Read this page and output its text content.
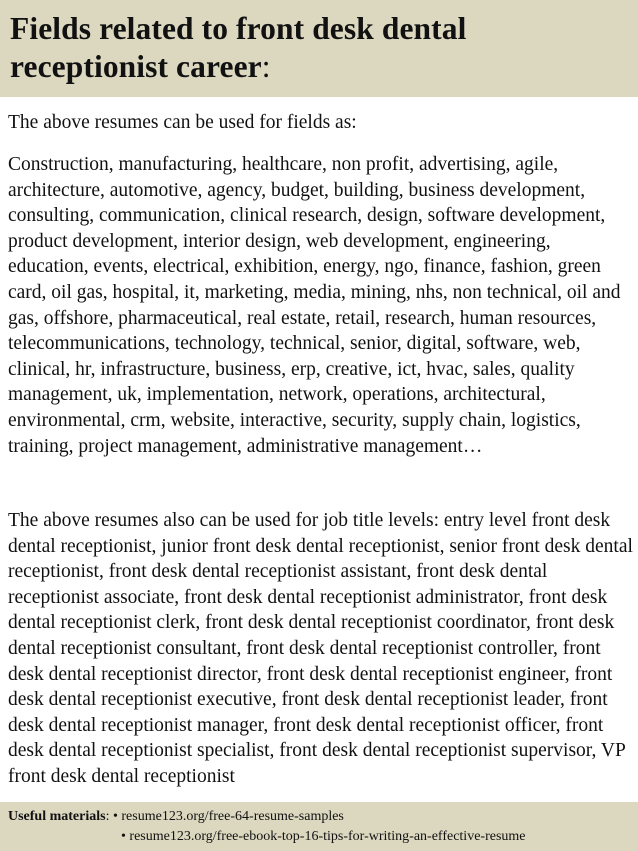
Fields related to front desk dental
receptionist career:

The above resumes can be used for fields as:

Construction, manufacturing, healthcare, non profit, advertising, agile, architecture, automotive, agency, budget, building, business development, consulting, communication, clinical research, design, software development, product development, interior design, web development, engineering, education, events, electrical, exhibition, energy, ngo, finance, fashion, green card, oil gas, hospital, it, marketing, media, mining, nhs, non technical, oil and gas, offshore, pharmaceutical, real estate, retail, research, human resources, telecommunications, technology, technical, senior, digital, software, web, clinical, hr, infrastructure, business, erp, creative, ict, hvac, sales, quality management, uk, implementation, network, operations, architectural, environmental, crm, website, interactive, security, supply chain, logistics, training, project management, administrative management…

The above resumes also can be used for job title levels: entry level front desk dental receptionist, junior front desk dental receptionist, senior front desk dental receptionist, front desk dental receptionist assistant, front desk dental receptionist associate, front desk dental receptionist administrator, front desk dental receptionist clerk, front desk dental receptionist coordinator, front desk dental receptionist consultant, front desk dental receptionist controller, front desk dental receptionist director, front desk dental receptionist engineer, front desk dental receptionist executive, front desk dental receptionist leader, front desk dental receptionist manager, front desk dental receptionist officer, front desk dental receptionist specialist, front desk dental receptionist supervisor, VP front desk dental receptionist

Useful materials: • resume123.org/free-64-resume-samples
• resume123.org/free-ebook-top-16-tips-for-writing-an-effective-resume
